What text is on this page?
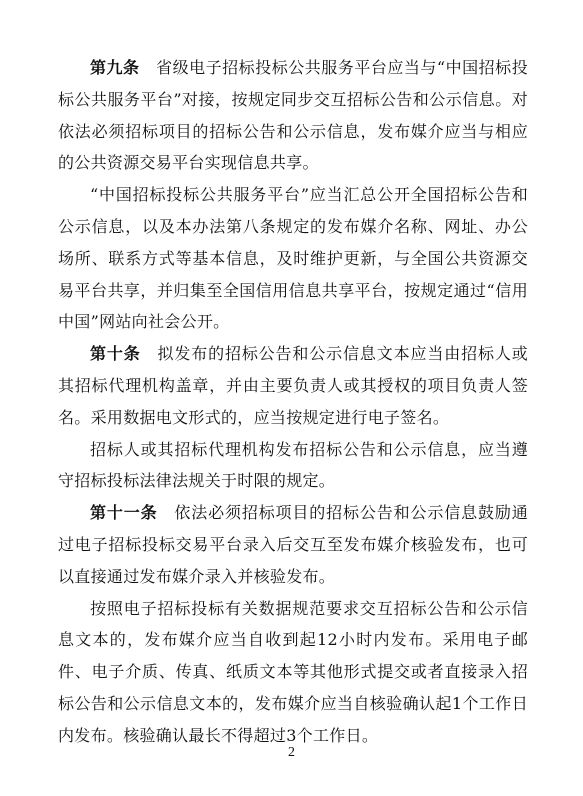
第九条　省级电子招标投标公共服务平台应当与“中国招标投标公共服务平台”对接，按规定同步交互招标公告和公示信息。对依法必须招标项目的招标公告和公示信息，发布媒介应当与相应的公共资源交易平台实现信息共享。

“中国招标投标公共服务平台”应当汇总公开全国招标公告和公示信息，以及本办法第八条规定的发布媒介名称、网址、办公场所、联系方式等基本信息，及时维护更新，与全国公共资源交易平台共享，并归集至全国信用信息共享平台，按规定通过“信用中国”网站向社会公开。

第十条　拟发布的招标公告和公示信息文本应当由招标人或其招标代理机构盖章，并由主要负责人或其授权的项目负责人签名。采用数据电文形式的，应当按规定进行电子签名。

招标人或其招标代理机构发布招标公告和公示信息，应当遵守招标投标法律法规关于时限的规定。

第十一条　依法必须招标项目的招标公告和公示信息鼓励通过电子招标投标交易平台录入后交互至发布媒介核验发布，也可以直接通过发布媒介录入并核验发布。

按照电子招标投标有关数据规范要求交互招标公告和公示信息文本的，发布媒介应当自收到起12小时内发布。采用电子邮件、电子介质、传真、纸质文本等其他形式提交或者直接录入招标公告和公示信息文本的，发布媒介应当自核验确认起1个工作日内发布。核验确认最长不得超过3个工作日。

2
